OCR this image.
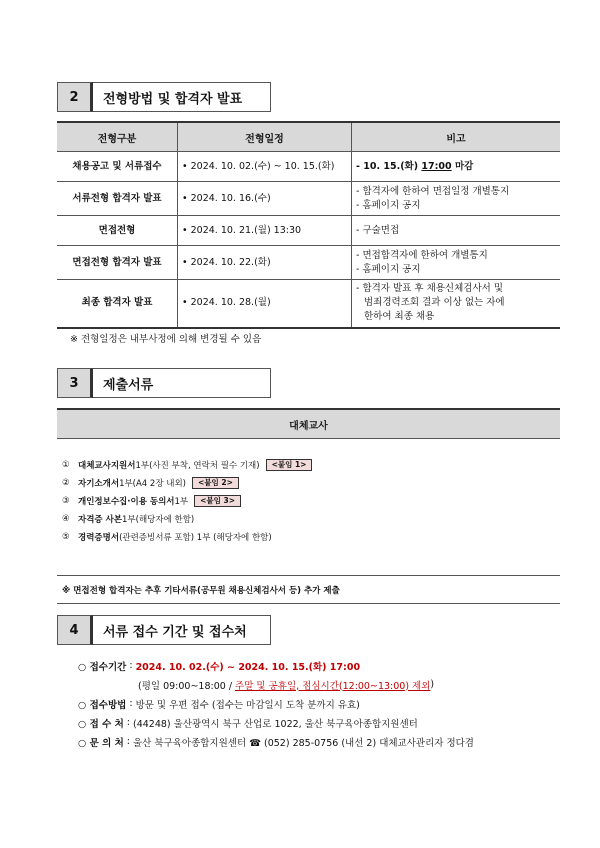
2	전형방법 및 합격자 발표
전형구분	전형일정	비고
채용공고 및 서류접수	• 2024. 10. 02.(수) ~ 10. 15.(화)	- 10. 15.(화) 17:00 마감
서류전형 합격자 발표	• 2024. 10. 16.(수)	- 합격자에 한하여 면접일정 개별통지
- 홈페이지 공지

면접전형	• 2024. 10. 21.(월) 13:30	- 구술면접
면접전형 합격자 발표	• 2024. 10. 22.(화)	- 면접합격자에 한하여 개별통지
- 홈페이지 공지

최종 합격자 발표	• 2024. 10. 28.(월)	- 합격자 발표 후 채용신체검사서 및
범죄경력조회 결과 이상 없는 자에
한하여 최종 채용
※ 전형일정은 내부사정에 의해 변경될 수 있음
3	제출서류
대체교사
① 대체교사지원서 1부(사진 부착, 연락처 필수 기재)	<붙임 1>
② 자기소개서 1부(A4 2장 내외)	<붙임 2>
③ 개인정보수집·이용 동의서 1부	<붙임 3>
④ 자격증 사본 1부(해당자에 한함)
⑤ 경력증명서 (관련증빙서류 포함) 1부 (해당자에 한함)
※ 면접전형 합격자는 추후 기타서류(공무원 채용신체검사서 등) 추가 제출
4	서류 접수 기간 및 접수처
○ 접수기간 : 2024. 10. 02.(수) ~ 2024. 10. 15.(화) 17:00
(평일 09:00~18:00 / 주말 및 공휴일, 점심시간(12:00~13:00) 제외 )
○ 접수방법 : 방문 및 우편 접수 (접수는 마감일시 도착 분까지 유효)
○ 접 수 처 : (44248) 울산광역시 북구 산업로 1022, 울산 북구육아종합지원센터
○ 문 의 처 : 울산 북구육아종합지원센터 ☎ (052) 285-0756 (내선 2) 대체교사관리자 정다겸
